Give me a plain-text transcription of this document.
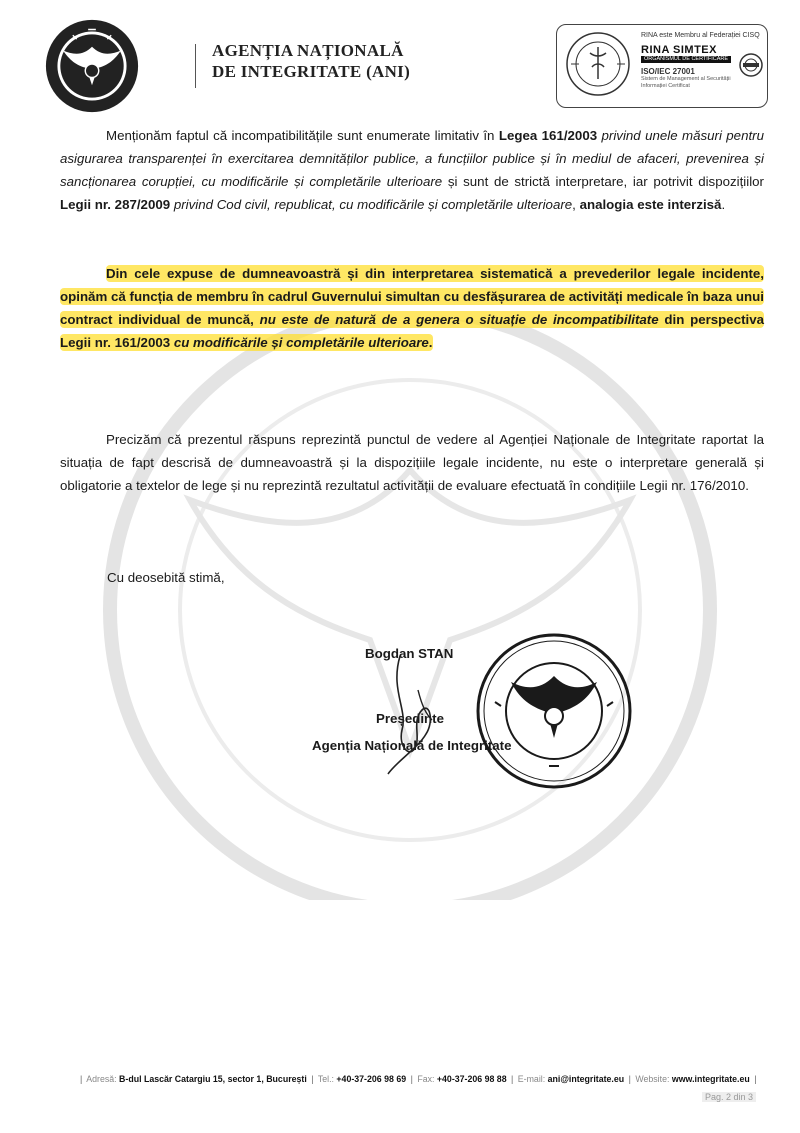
AGENȚIA NAȚIONALĂ
DE INTEGRITATE (ANI)
RINA este Membru al Federației CISQ
RINA SIMTEX
ORGANISMUL DE CERTIFICARE
ISO/IEC 27001
Sistem de Management al Securității
Informației Certificat

Menționăm faptul că incompatibilitățile sunt enumerate limitativ în Legea 161/2003 privind unele măsuri pentru asigurarea transparenței în exercitarea demnităților publice, a funcțiilor publice și în mediul de afaceri, prevenirea și sancționarea corupției, cu modificările și completările ulterioare și sunt de strictă interpretare, iar potrivit dispozițiilor Legii nr. 287/2009 privind Cod civil, republicat, cu modificările și completările ulterioare, analogia este interzisă.

Din cele expuse de dumneavoastră și din interpretarea sistematică a prevederilor legale incidente, opinăm că funcția de membru în cadrul Guvernului simultan cu desfășurarea de activități medicale în baza unui contract individual de muncă, nu este de natură de a genera o situație de incompatibilitate din perspectiva Legii nr. 161/2003 cu modificările și completările ulterioare.

Precizăm că prezentul răspuns reprezintă punctul de vedere al Agenției Naționale de Integritate raportat la situația de fapt descrisă de dumneavoastră și la dispozițiile legale incidente, nu este o interpretare generală și obligatorie a textelor de lege și nu reprezintă rezultatul activității de evaluare efectuată în condițiile Legii nr. 176/2010.

Cu deosebită stimă,
Bogdan STAN
Președinte
Agenția Națională de Integritate
| Adresă: B-dul Lascăr Catargiu 15, sector 1, București | Tel.: +40-37-206 98 69 | Fax: +40-37-206 98 88 | E-mail: ani@integritate.eu | Website: www.integritate.eu |
Pag. 2 din 3
